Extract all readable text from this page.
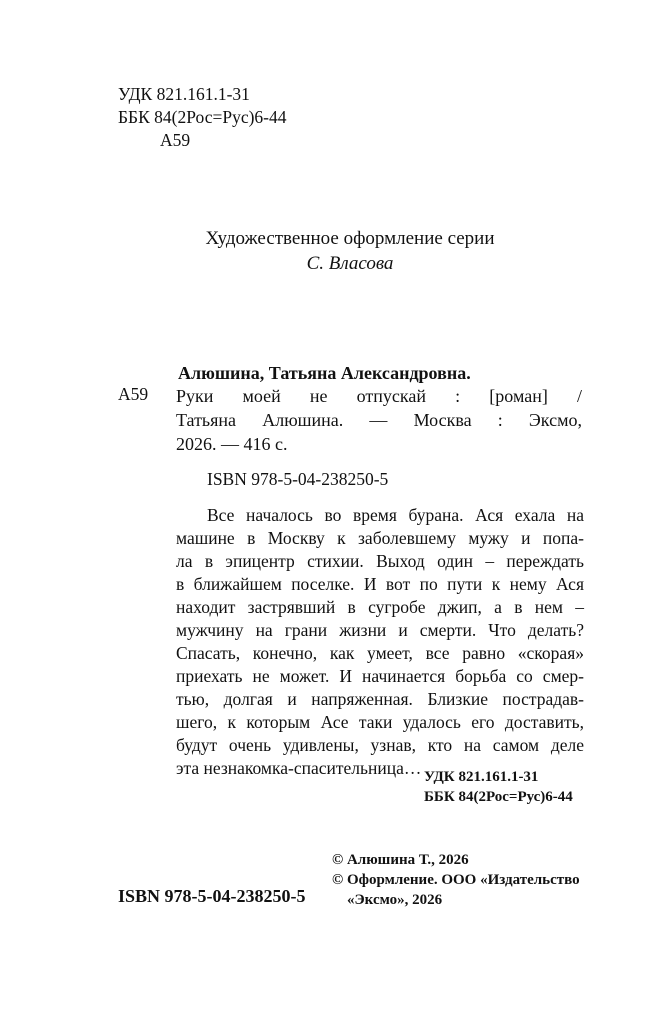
УДК 821.161.1-31
ББК 84(2Рос=Рус)6-44
А59
Художественное оформление серии
С. Власова
А59
Алюшина, Татьяна Александровна.
Руки моей не отпускай : [роман] /
Татьяна Алюшина. — Москва : Эксмо,
2026. — 416 с.
ISBN 978-5-04-238250-5
Все началось во время бурана. Ася ехала на
машине в Москву к заболевшему мужу и попа-
ла в эпицентр стихии. Выход один – переждать
в ближайшем поселке. И вот по пути к нему Ася
находит застрявший в сугробе джип, а в нем –
мужчину на грани жизни и смерти. Что делать?
Спасать, конечно, как умеет, все равно «скорая»
приехать не может. И начинается борьба со смер-
тью, долгая и напряженная. Близкие пострадав-
шего, к которым Асе таки удалось его доставить,
будут очень удивлены, узнав, кто на самом деле
эта незнакомка-спасительница… УДК 821.161.1-31
ББК 84(2Рос=Рус)6-44
© Алюшина Т., 2026
© Оформление. ООО «Издательство
«Эксмо», 2026
ISBN 978-5-04-238250-5
